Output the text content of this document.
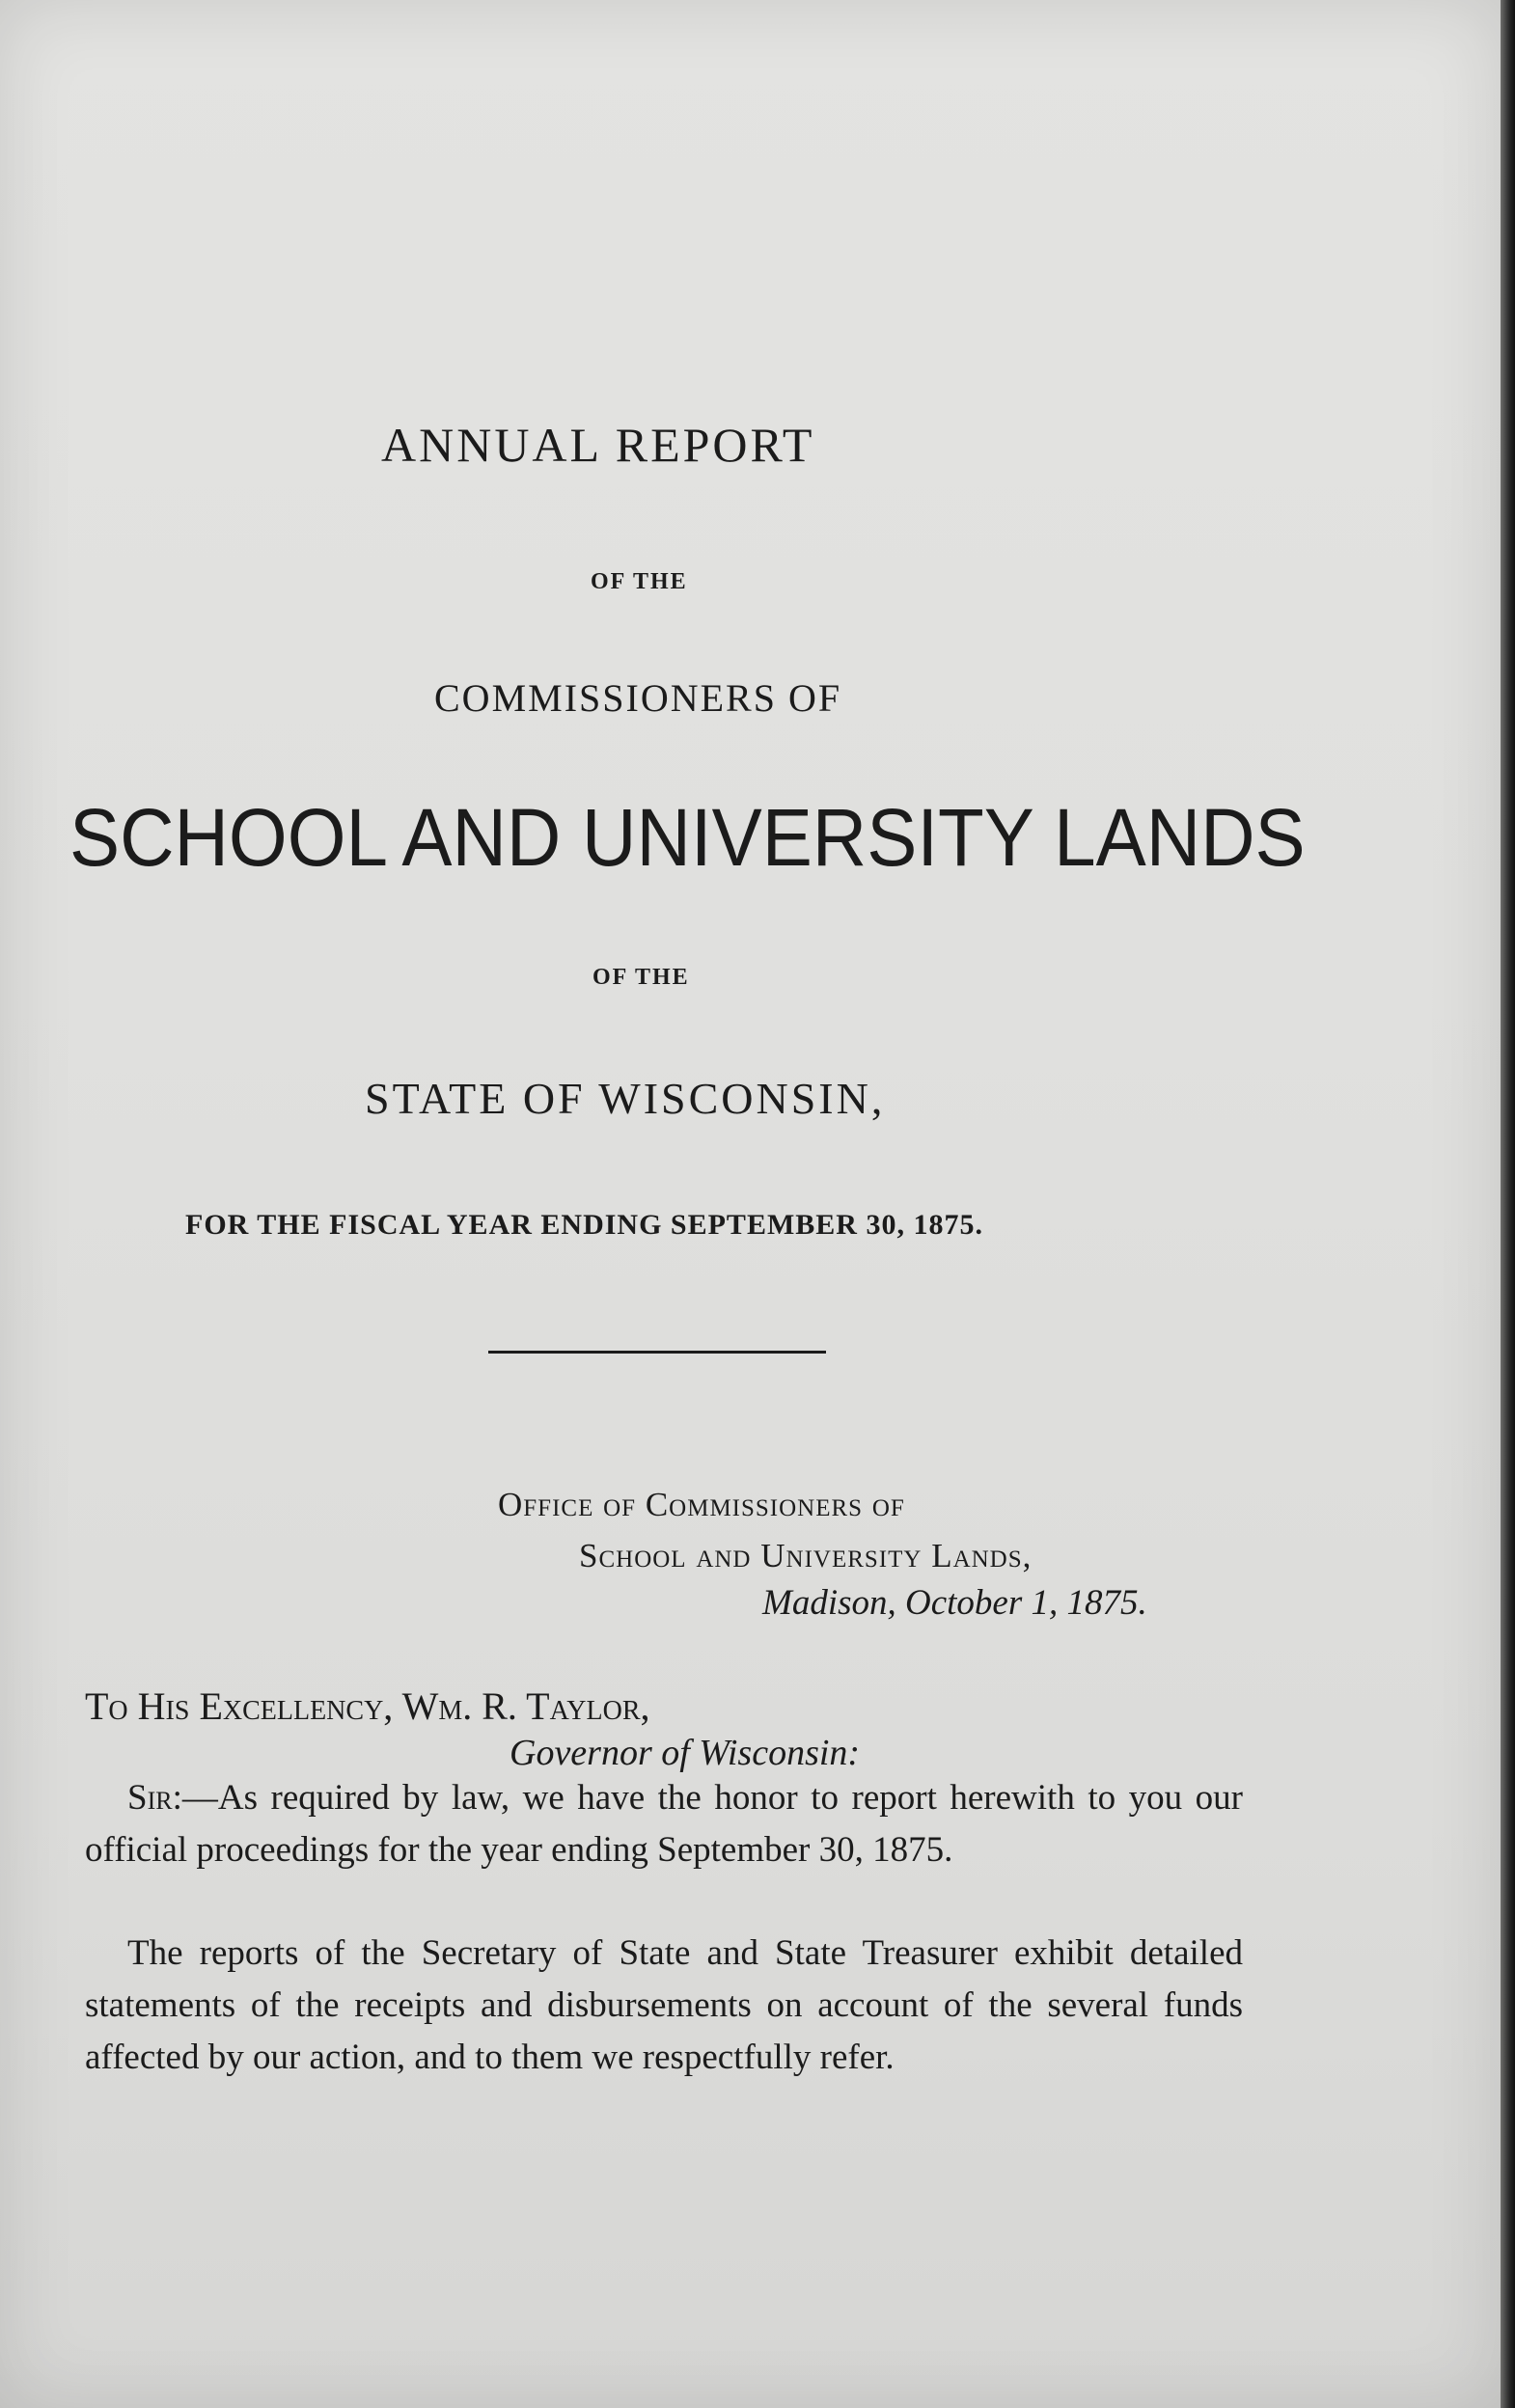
ANNUAL REPORT
OF THE
COMMISSIONERS OF
SCHOOL AND UNIVERSITY LANDS
OF THE
STATE OF WISCONSIN,
FOR THE FISCAL YEAR ENDING SEPTEMBER 30, 1875.
Office of Commissioners of
School and University Lands,
Madison, October 1, 1875.
To His Excellency, Wm. R. Taylor,
Governor of Wisconsin:
Sir:—As required by law, we have the honor to report herewith to you our official proceedings for the year ending September 30, 1875.
The reports of the Secretary of State and State Treasurer exhibit detailed statements of the receipts and disbursements on account of the several funds affected by our action, and to them we respectfully refer.
